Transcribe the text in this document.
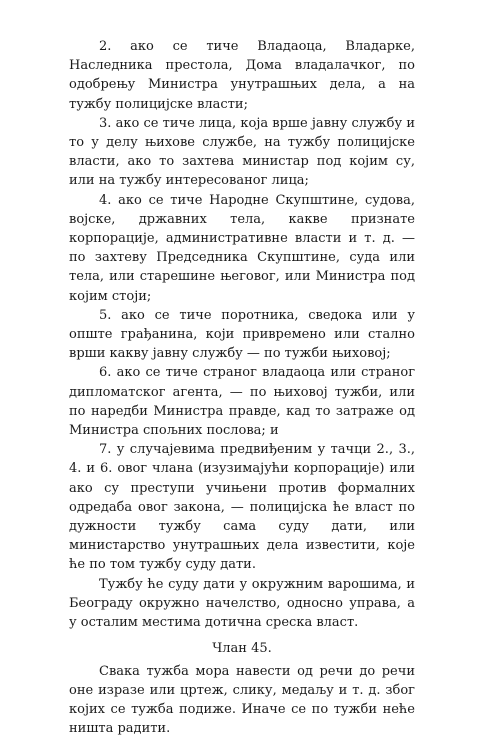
2. ако се тиче Владаоца, Владарке, Наследника престола, Дома владалачког, по одобрењу Министра унутрашњих дела, а на тужбу полицијске власти;

3. ако се тиче лица, која врше јавну службу и то у делу њихове службе, на тужбу полицијске власти, ако то захтева министар под којим су, или на тужбу интересованог лица;

4. ако се тиче Народне Скупштине, судова, војске, државних тела, какве признате корпорације, административне власти и т. д. — по захтеву Председника Скупштине, суда или тела, или старешине његовог, или Министра под којим стоји;

5. ако се тиче поротника, сведока или у опште грађанина, који привремено или стално врши какву јавну службу — по тужби њиховој;

6. ако се тиче страног владаоца или страног дипломатског агента, — по њиховој тужби, или по наредби Министра правде, кад то затраже од Министра спољних послова; и

7. у случајевима предвиђеним у тачци 2., 3., 4. и 6. овог члана (изузимајући корпорације) или ако су преступи учињени против формалних одредаба овог закона, — полицијска ће власт по дужности тужбу сама суду дати, или министарство унутрашњих дела известити, које ће по том тужбу суду дати.

Тужбу ће суду дати у окружним варошима, и Београду окружно начелство, односно управа, а у осталим местима дотична среска власт.

Члан 45.

Свака тужба мора навести од речи до речи оне изразе или цртеж, слику, медаљу и т. д. због којих се тужба подиже. Иначе се по тужби неће ништа радити.
